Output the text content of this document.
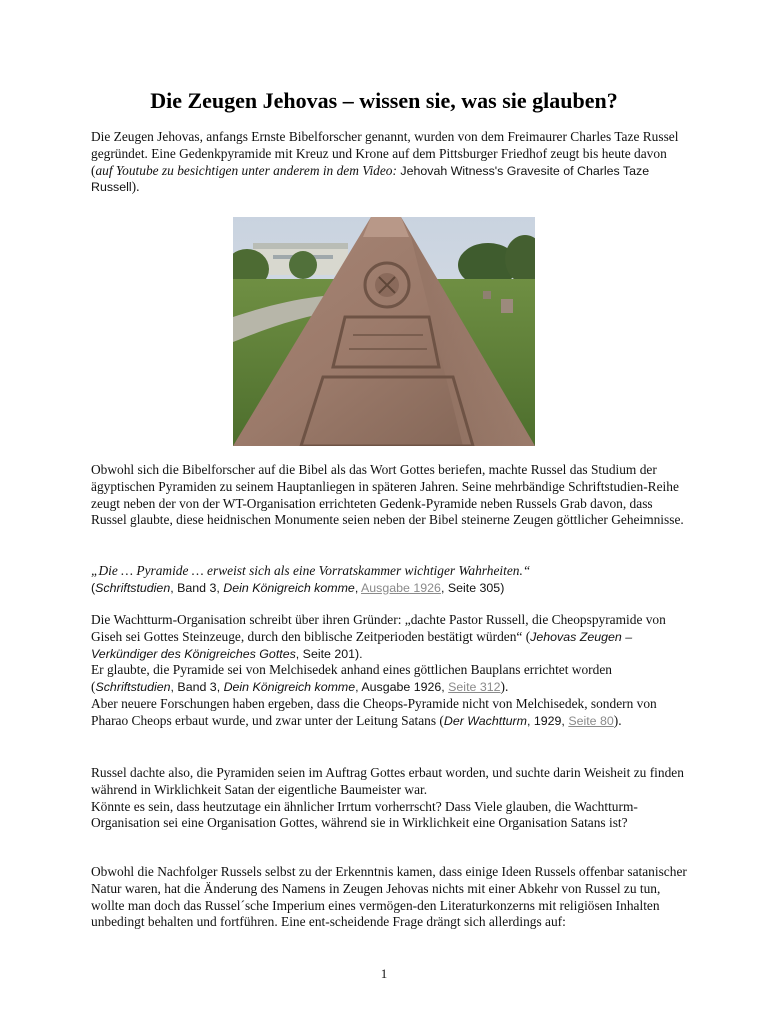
Die Zeugen Jehovas – wissen sie, was sie glauben?

Die Zeugen Jehovas, anfangs Ernste Bibelforscher genannt, wurden von dem Freimaurer Charles Taze Russel gegründet. Eine Gedenkpyramide mit Kreuz und Krone auf dem Pittsburger Friedhof zeugt bis heute davon (auf Youtube zu besichtigen unter anderem in dem Video: Jehovah Witness's Gravesite of Charles Taze Russell).

Obwohl sich die Bibelforscher auf die Bibel als das Wort Gottes beriefen, machte Russel das Studium der ägyptischen Pyramiden zu seinem Hauptanliegen in späteren Jahren. Seine mehrbändige Schriftstudien-Reihe zeugt neben der von der WT-Organisation errichteten Gedenk-Pyramide neben Russels Grab davon, dass Russel glaubte, diese heidnischen Monumente seien neben der Bibel steinerne Zeugen göttlicher Geheimnisse.

„Die … Pyramide … erweist sich als eine Vorratskammer wichtiger Wahrheiten.“

(Schriftstudien, Band 3, Dein Königreich komme, Ausgabe 1926, Seite 305)

Die Wachtturm-Organisation schreibt über ihren Gründer: „dachte Pastor Russell, die Cheopspyramide von Giseh sei Gottes Steinzeuge, durch den biblische Zeitperioden bestätigt würden“ (Jehovas Zeugen – Verkündiger des Königreiches Gottes, Seite 201).

Er glaubte, die Pyramide sei von Melchisedek anhand eines göttlichen Bauplans errichtet worden (Schriftstudien, Band 3, Dein Königreich komme, Ausgabe 1926, Seite 312).

Aber neuere Forschungen haben ergeben, dass die Cheops-Pyramide nicht von Melchisedek, sondern von Pharao Cheops erbaut wurde, und zwar unter der Leitung Satans (Der Wachtturm, 1929, Seite 80).

Russel dachte also, die Pyramiden seien im Auftrag Gottes erbaut worden, und suchte darin Weisheit zu finden während in Wirklichkeit Satan der eigentliche Baumeister war.

Könnte es sein, dass heutzutage ein ähnlicher Irrtum vorherrscht? Dass Viele glauben, die Wachtturm-Organisation sei eine Organisation Gottes, während sie in Wirklichkeit eine Organisation Satans ist?

Obwohl die Nachfolger Russels selbst zu der Erkenntnis kamen, dass einige Ideen Russels offenbar satanischer Natur waren, hat die Änderung des Namens in Zeugen Jehovas nichts mit einer Abkehr von Russel zu tun, wollte man doch das Russel´sche Imperium eines vermögen-den Literaturkonzerns mit religiösen Inhalten unbedingt behalten und fortführen. Eine ent-scheidende Frage drängt sich allerdings auf:

1
